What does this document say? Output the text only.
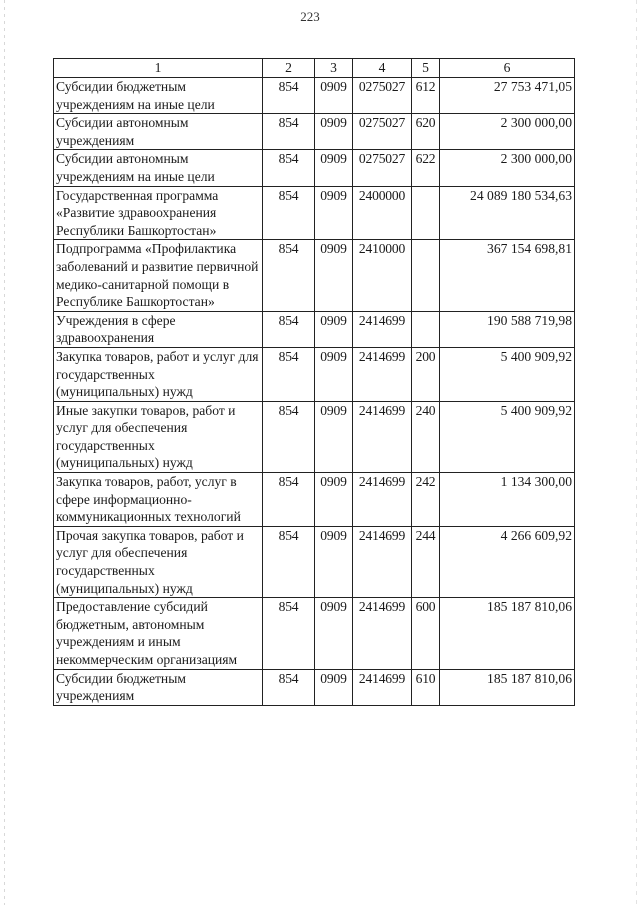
223
1	2	3	4	5	6
Субсидии бюджетным учреждениям на иные цели	854	0909	0275027	612	27 753 471,05
Субсидии автономным учреждениям	854	0909	0275027	620	2 300 000,00
Субсидии автономным учреждениям на иные цели	854	0909	0275027	622	2 300 000,00
Государственная программа «Развитие здравоохранения Республики Башкортостан»	854	0909	2400000		24 089 180 534,63
Подпрограмма «Профилактика заболеваний и развитие первичной медико-санитарной помощи в Республике Башкортостан»	854	0909	2410000		367 154 698,81
Учреждения в сфере здравоохранения	854	0909	2414699		190 588 719,98
Закупка товаров, работ и услуг для государственных (муниципальных) нужд	854	0909	2414699	200	5 400 909,92
Иные закупки товаров, работ и услуг для обеспечения государственных (муниципальных) нужд	854	0909	2414699	240	5 400 909,92
Закупка товаров, работ, услуг в сфере информационно-коммуникационных технологий	854	0909	2414699	242	1 134 300,00
Прочая закупка товаров, работ и услуг для обеспечения государственных (муниципальных) нужд	854	0909	2414699	244	4 266 609,92
Предоставление субсидий бюджетным, автономным учреждениям и иным некоммерческим организациям	854	0909	2414699	600	185 187 810,06
Субсидии бюджетным учреждениям	854	0909	2414699	610	185 187 810,06
